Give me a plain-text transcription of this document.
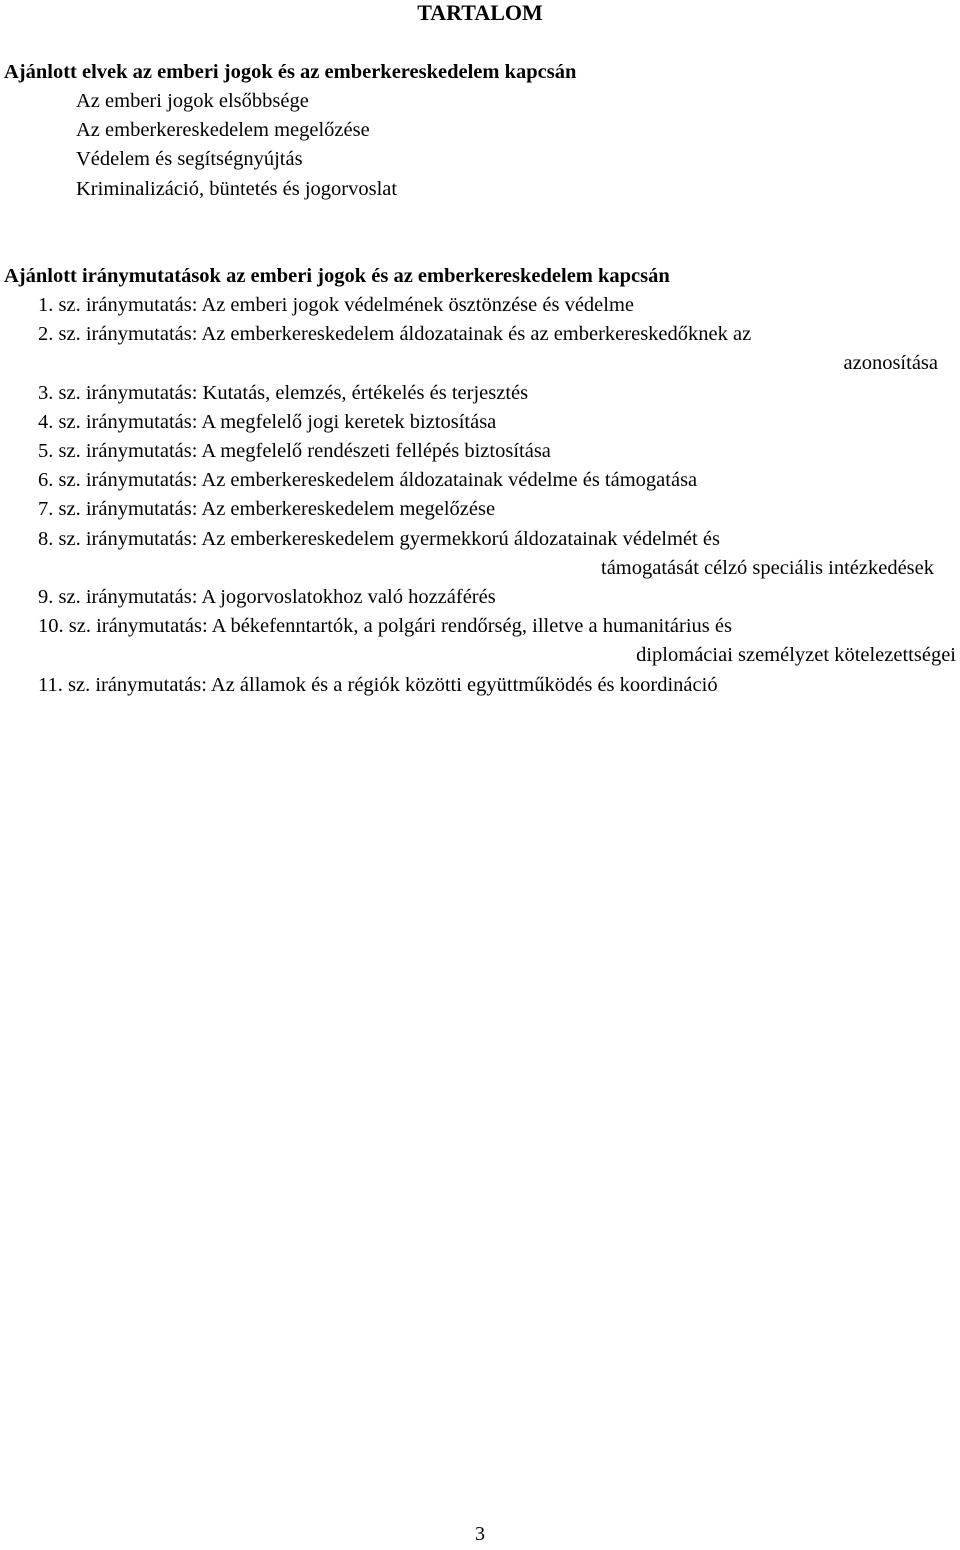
TARTALOM
Ajánlott elvek az emberi jogok és az emberkereskedelem kapcsán
Az emberi jogok elsőbbsége
Az emberkereskedelem megelőzése
Védelem és segítségnyújtás
Kriminalizáció, büntetés és jogorvoslat
Ajánlott iránymutatások az emberi jogok és az emberkereskedelem kapcsán
1. sz. iránymutatás: Az emberi jogok védelmének ösztönzése és védelme
2. sz. iránymutatás: Az emberkereskedelem áldozatainak és az emberkereskedőknek az
azonosítása
3. sz. iránymutatás: Kutatás, elemzés, értékelés és terjesztés
4. sz. iránymutatás: A megfelelő jogi keretek biztosítása
5. sz. iránymutatás: A megfelelő rendészeti fellépés biztosítása
6. sz. iránymutatás: Az emberkereskedelem áldozatainak védelme és támogatása
7. sz. iránymutatás: Az emberkereskedelem megelőzése
8. sz. iránymutatás: Az emberkereskedelem gyermekkorú áldozatainak védelmét és
támogatását célzó speciális intézkedések
9. sz. iránymutatás: A jogorvoslatokhoz való hozzáférés
10. sz. iránymutatás: A békefenntartók, a polgári rendőrség, illetve a humanitárius és
diplomáciai személyzet kötelezettségei
11. sz. iránymutatás: Az államok és a régiók közötti együttműködés és koordináció
3
